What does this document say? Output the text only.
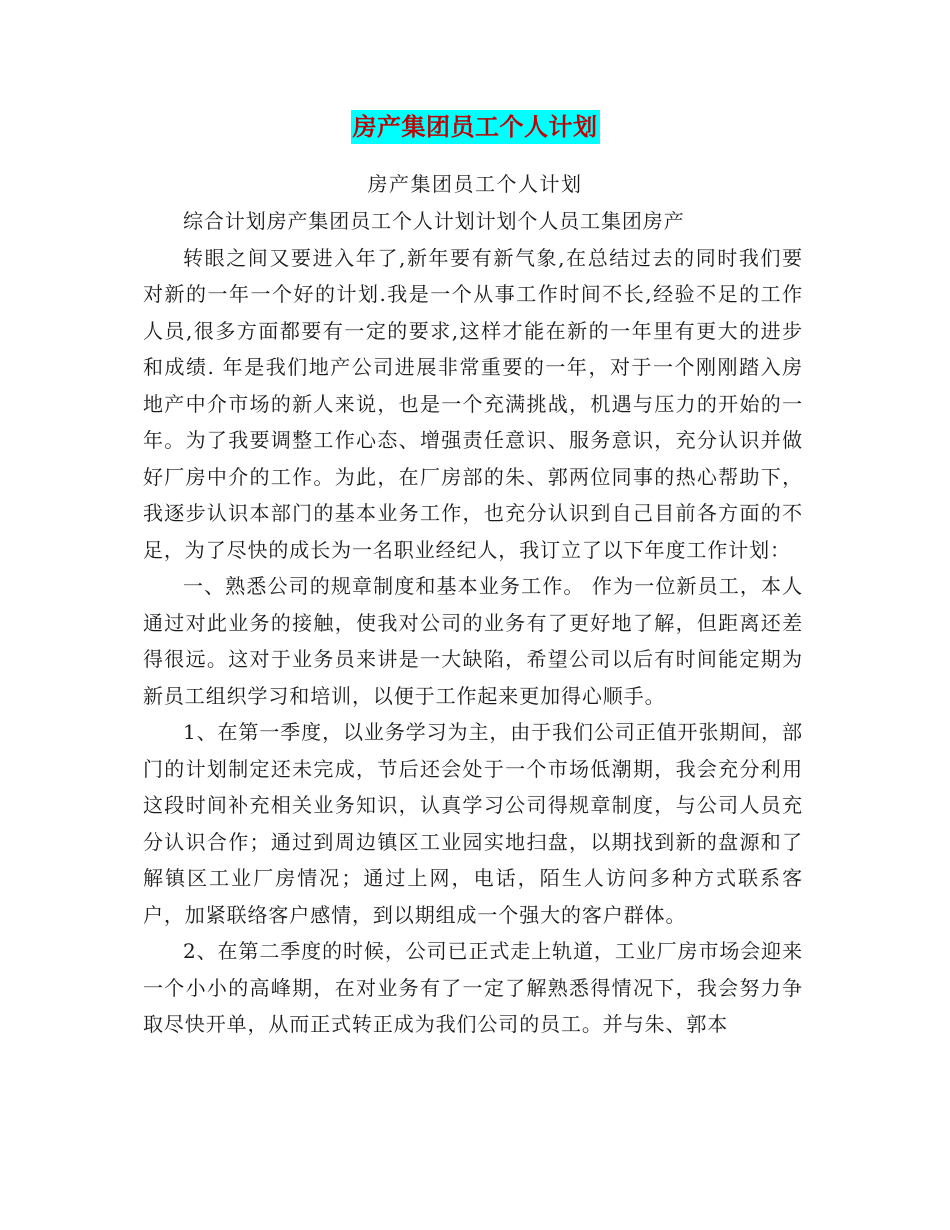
房产集团员工个人计划
房产集团员工个人计划

综合计划房产集团员工个人计划计划个人员工集团房产

转眼之间又要进入年了,新年要有新气象,在总结过去的同时我们要对新的一年一个好的计划.我是一个从事工作时间不长,经验不足的工作人员,很多方面都要有一定的要求,这样才能在新的一年里有更大的进步和成绩. 年是我们地产公司进展非常重要的一年，对于一个刚刚踏入房地产中介市场的新人来说，也是一个充满挑战，机遇与压力的开始的一年。为了我要调整工作心态、增强责任意识、服务意识，充分认识并做好厂房中介的工作。为此，在厂房部的朱、郭两位同事的热心帮助下，我逐步认识本部门的基本业务工作，也充分认识到自己目前各方面的不足，为了尽快的成长为一名职业经纪人，我订立了以下年度工作计划：

一、熟悉公司的规章制度和基本业务工作。 作为一位新员工，本人通过对此业务的接触，使我对公司的业务有了更好地了解，但距离还差得很远。这对于业务员来讲是一大缺陷，希望公司以后有时间能定期为新员工组织学习和培训，以便于工作起来更加得心顺手。

1、在第一季度，以业务学习为主，由于我们公司正值开张期间，部门的计划制定还未完成，节后还会处于一个市场低潮期，我会充分利用这段时间补充相关业务知识，认真学习公司得规章制度，与公司人员充分认识合作；通过到周边镇区工业园实地扫盘，以期找到新的盘源和了解镇区工业厂房情况；通过上网，电话，陌生人访问多种方式联系客户，加紧联络客户感情，到以期组成一个强大的客户群体。

2、在第二季度的时候，公司已正式走上轨道，工业厂房市场会迎来一个小小的高峰期，在对业务有了一定了解熟悉得情况下，我会努力争取尽快开单，从而正式转正成为我们公司的员工。并与朱、郭本
